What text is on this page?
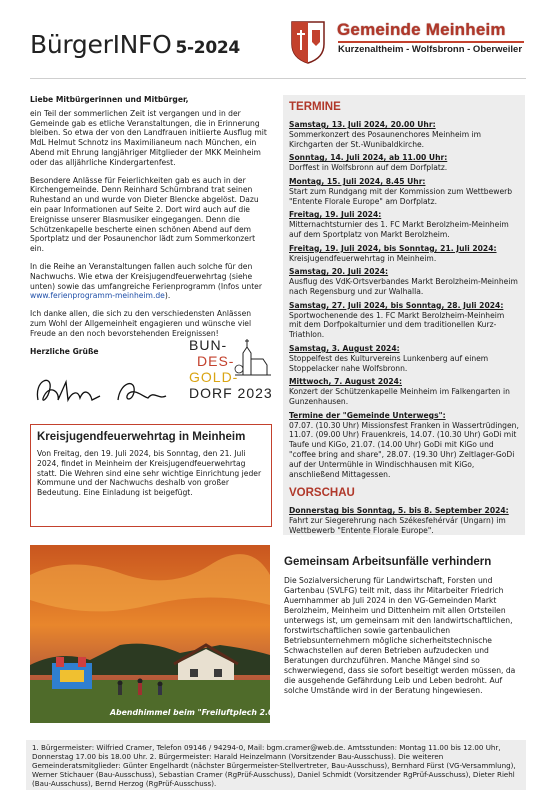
BürgerINFO 5-2024
Gemeinde Meinheim
Kurzenaltheim - Wolfsbronn - Oberweiler

Liebe Mitbürgerinnen und Mitbürger,

ein Teil der sommerlichen Zeit ist vergangen und in der Gemeinde gab es etliche Veranstaltungen, die in Erinnerung bleiben. So etwa der von den Landfrauen initiierte Ausflug mit MdL Helmut Schnotz ins Maximilianeum nach München, ein Abend mit Ehrung langjähriger Mitglieder der MKK Meinheim oder das alljährliche Kindergartenfest.

Besondere Anlässe für Feierlichkeiten gab es auch in der Kirchengemeinde. Denn Reinhard Schürnbrand trat seinen Ruhestand an und wurde von Dieter Blencke abgelöst. Dazu ein paar Informationen auf Seite 2. Dort wird auch auf die Ereignisse unserer Blasmusiker eingegangen. Denn die Schützenkapelle bescherte einen schönen Abend auf dem Sportplatz und der Posaunenchor lädt zum Sommerkonzert ein.

In die Reihe an Veranstaltungen fallen auch solche für den Nachwuchs. Wie etwa der Kreisjugendfeuerwehrtag (siehe unten) sowie das umfangreiche Ferienprogramm (Infos unter www.ferienprogramm-meinheim.de).

Ich danke allen, die sich zu den verschiedensten Anlässen zum Wohl der Allgemeinheit engagieren und wünsche viel Freude an den noch bevorstehenden Ereignissen!

Herzliche Grüße	BUN-
DES-
GOLD-
DORF 2023
Kreisjugendfeuerwehrtag in Meinheim

Von Freitag, den 19. Juli 2024, bis Sonntag, den 21. Juli 2024, findet in Meinheim der Kreisjugendfeuerwehrtag statt. Die Wehren sind eine sehr wichtige Einrichtung jeder Kommune und der Nachwuchs deshalb von großer Bedeutung. Eine Einladung ist beigefügt.

TERMINE
Samstag, 13. Juli 2024, 20.00 Uhr:
Sommerkonzert des Posaunenchores Meinheim im Kirchgarten der St.-Wunibaldkirche.
Sonntag, 14. Juli 2024, ab 11.00 Uhr:
Dorffest in Wolfsbronn auf dem Dorfplatz.
Montag, 15. Juli 2024, 8.45 Uhr:
Start zum Rundgang mit der Kommission zum Wettbewerb "Entente Florale Europe" am Dorfplatz.
Freitag, 19. Juli 2024:
Mitternachtsturnier des 1. FC Markt Berolzheim-Meinheim auf dem Sportplatz von Markt Berolzheim.
Freitag, 19. Juli 2024, bis Sonntag, 21. Juli 2024:
Kreisjugendfeuerwehrtag in Meinheim.
Samstag, 20. Juli 2024:
Ausflug des VdK-Ortsverbandes Markt Berolzheim-Meinheim nach Regensburg und zur Walhalla.
Samstag, 27. Juli 2024, bis Sonntag, 28. Juli 2024:
Sportwochenende des 1. FC Markt Berolzheim-Meinheim mit dem Dorfpokalturnier und dem traditionellen Kurz-Triathlon.
Samstag, 3. August 2024:
Stoppelfest des Kulturvereins Lunkenberg auf einem Stoppelacker nahe Wolfsbronn.
Mittwoch, 7. August 2024:
Konzert der Schützenkapelle Meinheim im Falkengarten in Gunzenhausen.
Termine der "Gemeinde Unterwegs":
07.07. (10.30 Uhr) Missionsfest Franken in Wassertrüdingen, 11.07. (09.00 Uhr) Frauenkreis, 14.07. (10.30 Uhr) GoDi mit Taufe und KiGo, 21.07. (14.00 Uhr) GoDi mit KiGo und "coffee bring and share", 28.07. (19.30 Uhr) Zeltlager-GoDi auf der Untermühle in Windischhausen mit KiGo, anschließend Mittagessen.
VORSCHAU
Donnerstag bis Sonntag, 5. bis 8. September 2024:
Fahrt zur Siegerehrung nach Székesfehérvár (Ungarn) im Wettbewerb "Entente Florale Europe".
Abendhimmel beim "Freiluftplech 2.0"
Gemeinsam Arbeitsunfälle verhindern

Die Sozialversicherung für Landwirtschaft, Forsten und Gartenbau (SVLFG) teilt mit, dass ihr Mitarbeiter Friedrich Auernhammer ab Juli 2024 in den VG-Gemeinden Markt Berolzheim, Meinheim und Dittenheim mit allen Ortsteilen unterwegs ist, um gemeinsam mit den landwirtschaftlichen, forstwirtschaftlichen sowie gartenbaulichen Betriebsunternehmern mögliche sicherheitstechnische Schwachstellen auf deren Betrieben aufzudecken und Beratungen durchzuführen. Manche Mängel sind so schwerwiegend, dass sie sofort beseitigt werden müssen, da die ausgehende Gefährdung Leib und Leben bedroht. Auf solche Umstände wird in der Beratung hingewiesen.

1. Bürgermeister: Wilfried Cramer, Telefon 09146 / 94294-0, Mail: bgm.cramer@web.de. Amtsstunden: Montag 11.00 bis 12.00 Uhr, Donnerstag 17.00 bis 18.00 Uhr. 2. Bürgermeister: Harald Heinzelmann (Vorsitzender Bau-Ausschuss). Die weiteren Gemeinderatsmitglieder: Günter Engelhardt (nächster Bürgermeister-Stellvertreter, Bau-Ausschuss), Bernhard Fürst (VG-Versammlung), Werner Stichauer (Bau-Ausschuss), Sebastian Cramer (RgPrüf-Ausschuss), Daniel Schmidt (Vorsitzender RgPrüf-Ausschuss), Dieter Riehl (Bau-Ausschuss), Bernd Herzog (RgPrüf-Ausschuss).
